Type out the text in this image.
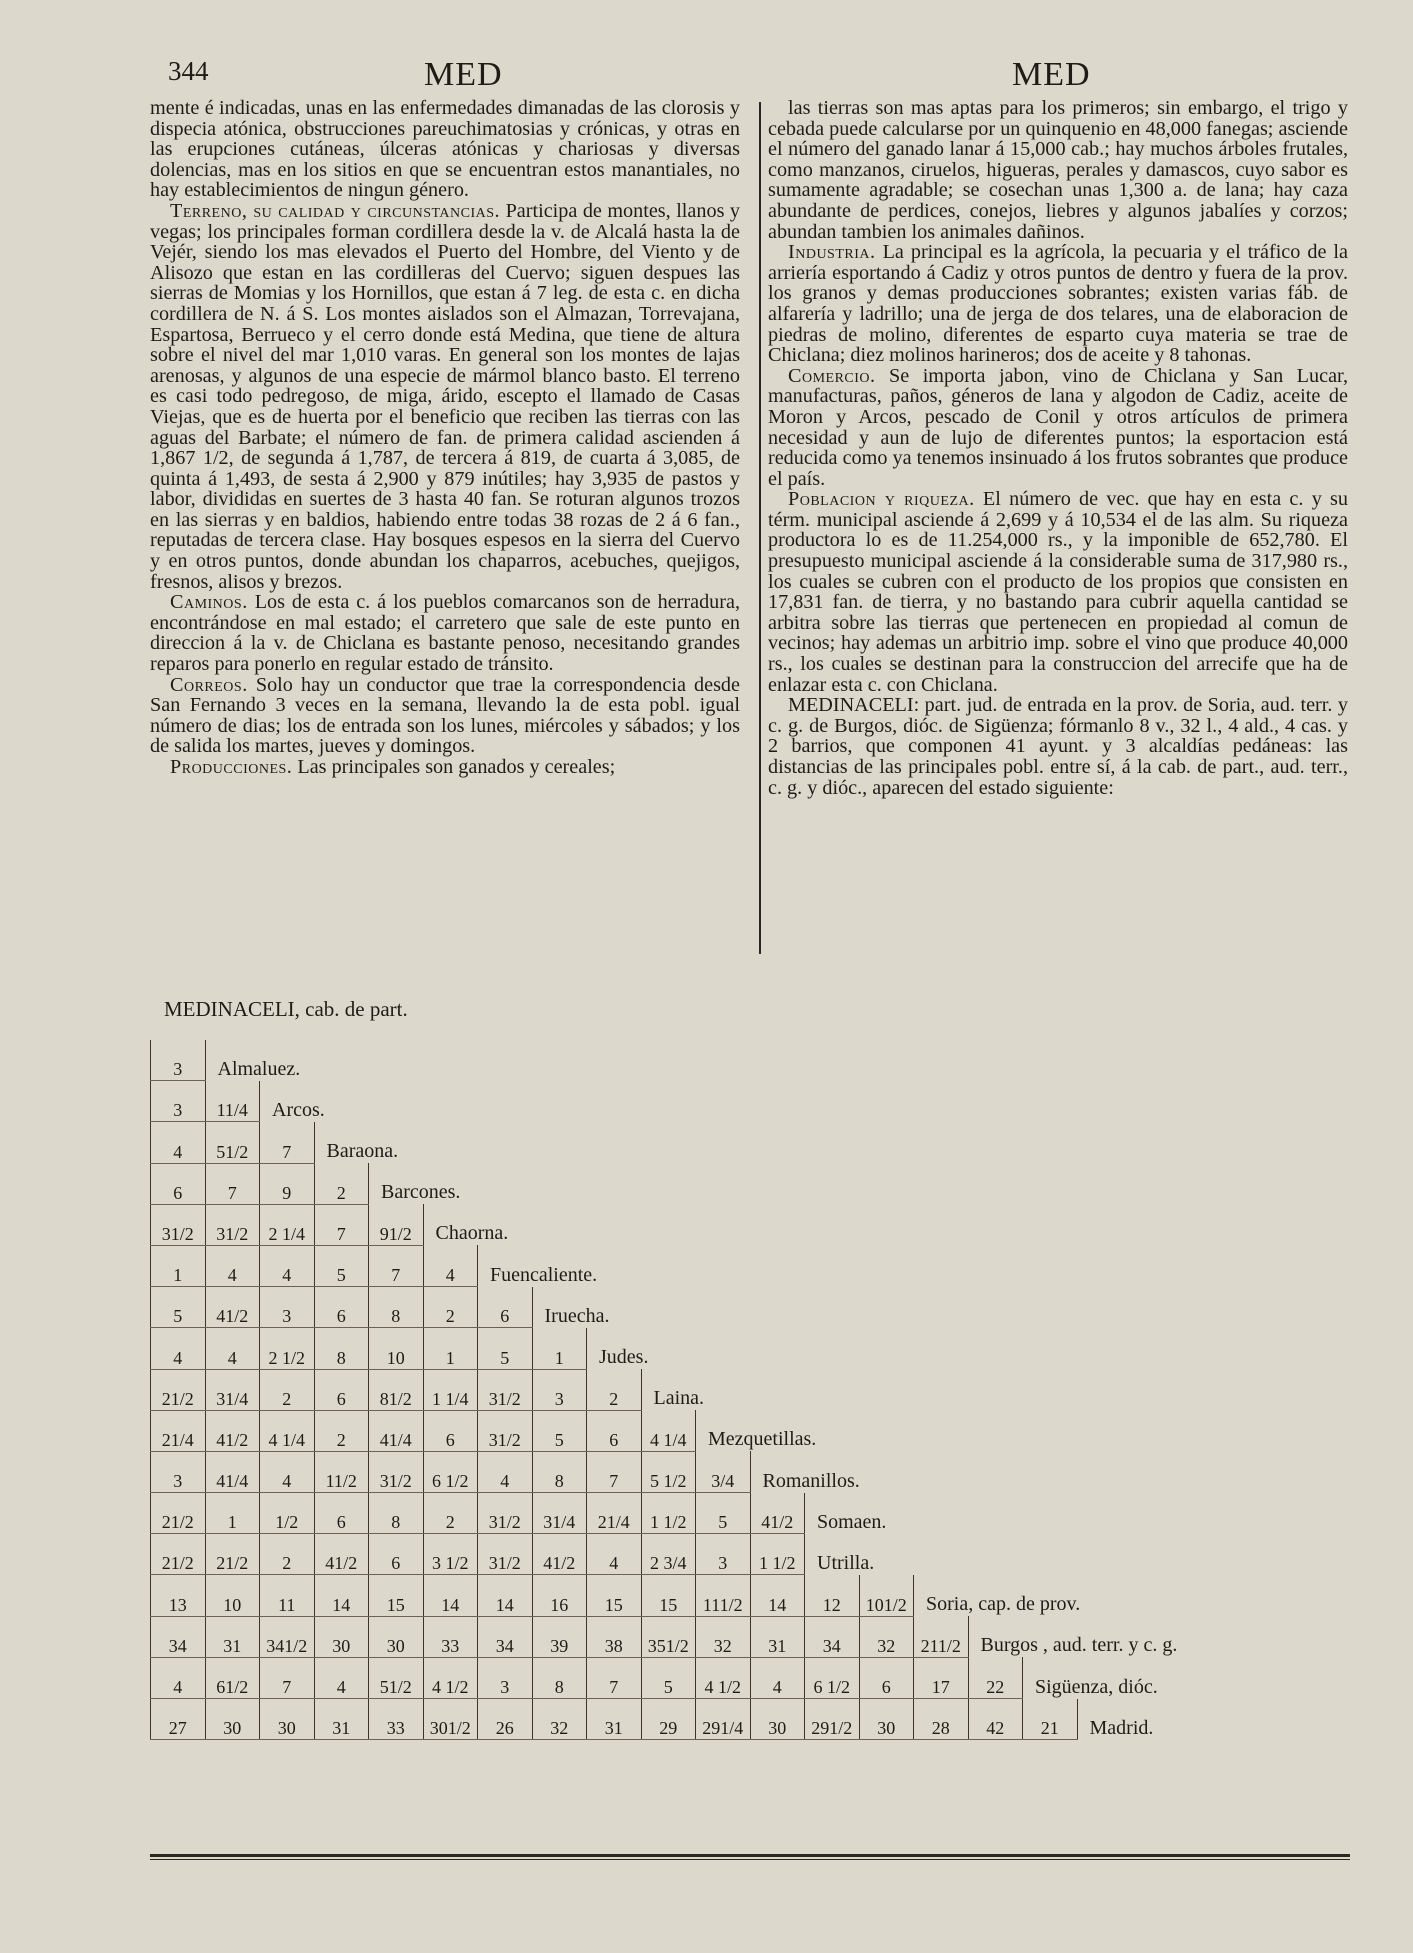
344	MED	MED

mente é indicadas, unas en las enfermedades dimanadas de las clorosis y dispecia atónica, obstrucciones pareuchimatosias y crónicas, y otras en las erupciones cutáneas, úlceras atónicas y chariosas y diversas dolencias, mas en los sitios en que se encuentran estos manantiales, no hay establecimientos de ningun género.

Terreno, su calidad y circunstancias. Participa de montes, llanos y vegas; los principales forman cordillera desde la v. de Alcalá hasta la de Vejér, siendo los mas elevados el Puerto del Hombre, del Viento y de Alisozo que estan en las cordilleras del Cuervo; siguen despues las sierras de Momias y los Hornillos, que estan á 7 leg. de esta c. en dicha cordillera de N. á S. Los montes aislados son el Almazan, Torrevajana, Espartosa, Berrueco y el cerro donde está Medina, que tiene de altura sobre el nivel del mar 1,010 varas. En general son los montes de lajas arenosas, y algunos de una especie de mármol blanco basto. El terreno es casi todo pedregoso, de miga, árido, escepto el llamado de Casas Viejas, que es de huerta por el beneficio que reciben las tierras con las aguas del Barbate; el número de fan. de primera calidad ascienden á 1,867 1/2, de segunda á 1,787, de tercera á 819, de cuarta á 3,085, de quinta á 1,493, de sesta á 2,900 y 879 inútiles; hay 3,935 de pastos y labor, divididas en suertes de 3 hasta 40 fan. Se roturan algunos trozos en las sierras y en baldios, habiendo entre todas 38 rozas de 2 á 6 fan., reputadas de tercera clase. Hay bosques espesos en la sierra del Cuervo y en otros puntos, donde abundan los chaparros, acebuches, quejigos, fresnos, alisos y brezos.

Caminos. Los de esta c. á los pueblos comarcanos son de herradura, encontrándose en mal estado; el carretero que sale de este punto en direccion á la v. de Chiclana es bastante penoso, necesitando grandes reparos para ponerlo en regular estado de tránsito.

Correos. Solo hay un conductor que trae la correspondencia desde San Fernando 3 veces en la semana, llevando la de esta pobl. igual número de dias; los de entrada son los lunes, miércoles y sábados; y los de salida los martes, jueves y domingos.

Producciones. Las principales son ganados y cereales;

las tierras son mas aptas para los primeros; sin embargo, el trigo y cebada puede calcularse por un quinquenio en 48,000 fanegas; asciende el número del ganado lanar á 15,000 cab.; hay muchos árboles frutales, como manzanos, ciruelos, higueras, perales y damascos, cuyo sabor es sumamente agradable; se cosechan unas 1,300 a. de lana; hay caza abundante de perdices, conejos, liebres y algunos jabalíes y corzos; abundan tambien los animales dañinos.

Industria. La principal es la agrícola, la pecuaria y el tráfico de la arriería esportando á Cadiz y otros puntos de dentro y fuera de la prov. los granos y demas producciones sobrantes; existen varias fáb. de alfarería y ladrillo; una de jerga de dos telares, una de elaboracion de piedras de molino, diferentes de esparto cuya materia se trae de Chiclana; diez molinos harineros; dos de aceite y 8 tahonas.

Comercio. Se importa jabon, vino de Chiclana y San Lucar, manufacturas, paños, géneros de lana y algodon de Cadiz, aceite de Moron y Arcos, pescado de Conil y otros artículos de primera necesidad y aun de lujo de diferentes puntos; la esportacion está reducida como ya tenemos insinuado á los frutos sobrantes que produce el país.

Poblacion y riqueza. El número de vec. que hay en esta c. y su térm. municipal asciende á 2,699 y á 10,534 el de las alm. Su riqueza productora lo es de 11.254,000 rs., y la imponible de 652,780. El presupuesto municipal asciende á la considerable suma de 317,980 rs., los cuales se cubren con el producto de los propios que consisten en 17,831 fan. de tierra, y no bastando para cubrir aquella cantidad se arbitra sobre las tierras que pertenecen en propiedad al comun de vecinos; hay ademas un arbitrio imp. sobre el vino que produce 40,000 rs., los cuales se destinan para la construccion del arrecife que ha de enlazar esta c. con Chiclana.

MEDINACELI: part. jud. de entrada en la prov. de Soria, aud. terr. y c. g. de Burgos, dióc. de Sigüenza; fórmanlo 8 v., 32 l., 4 ald., 4 cas. y 2 barrios, que componen 41 ayunt. y 3 alcaldías pedáneas: las distancias de las principales pobl. entre sí, á la cab. de part., aud. terr., c. g. y dióc., aparecen del estado siguiente:

MEDINACELI, cab. de part.
3	Almaluez.																
3	11/4	Arcos.															
4	51/2	7	Baraona.														
6	7	9	2	Barcones.													
31/2	31/2	2 1/4	7	91/2	Chaorna.												
1	4	4	5	7	4	Fuencaliente.											
5	41/2	3	6	8	2	6	Iruecha.										
4	4	2 1/2	8	10	1	5	1	Judes.									
21/2	31/4	2	6	81/2	1 1/4	31/2	3	2	Laina.								
21/4	41/2	4 1/4	2	41/4	6	31/2	5	6	4 1/4	Mezquetillas.							
3	41/4	4	11/2	31/2	6 1/2	4	8	7	5 1/2	3/4	Romanillos.						
21/2	1	1/2	6	8	2	31/2	31/4	21/4	1 1/2	5	41/2	Somaen.					
21/2	21/2	2	41/2	6	3 1/2	31/2	41/2	4	2 3/4	3	1 1/2	Utrilla.					
13	10	11	14	15	14	14	16	15	15	111/2	14	12	101/2	Soria, cap. de prov.			
34	31	341/2	30	30	33	34	39	38	351/2	32	31	34	32	211/2	Burgos , aud. terr. y c. g.		
4	61/2	7	4	51/2	4 1/2	3	8	7	5	4 1/2	4	6 1/2	6	17	22	Sigüenza, dióc.	
27	30	30	31	33	301/2	26	32	31	29	291/4	30	291/2	30	28	42	21	Madrid.
